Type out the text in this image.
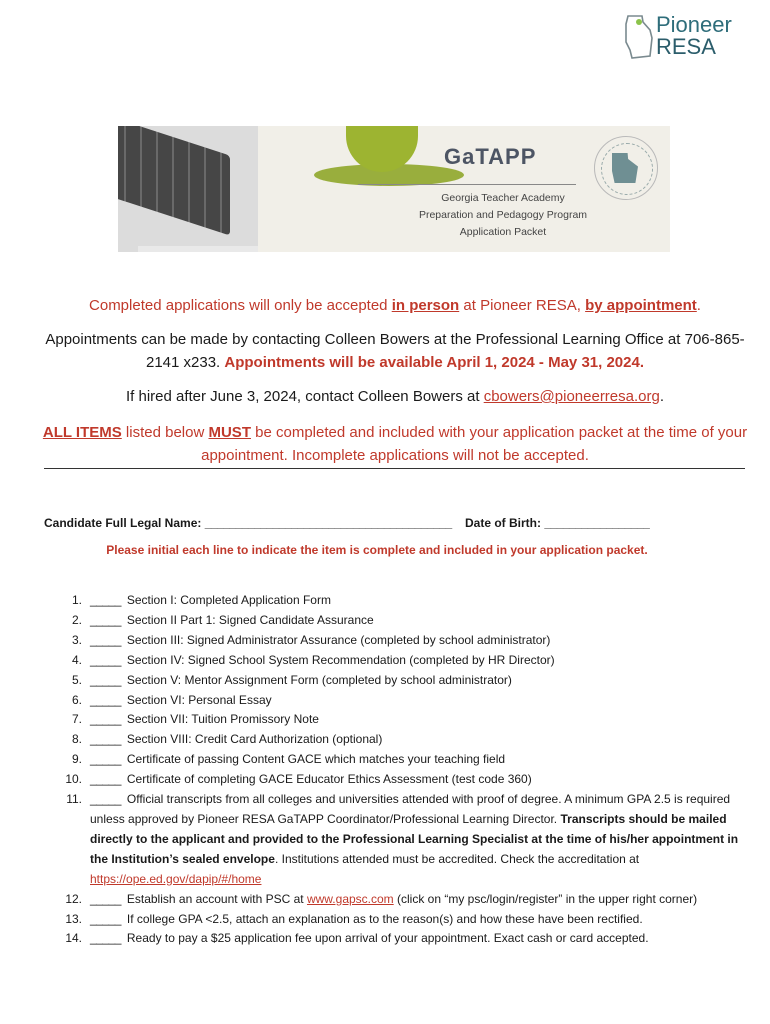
Pioneer
RESA
GaTAPP
Georgia Teacher Academy
Preparation and Pedagogy Program
Application Packet
Completed applications will only be accepted in person at Pioneer RESA, by appointment.
Appointments can be made by contacting Colleen Bowers at the Professional Learning Office at 706-865-2141 x233. Appointments will be available April 1, 2024 - May 31, 2024.
If hired after June 3, 2024, contact Colleen Bowers at cbowers@pioneerresa.org.
ALL ITEMS listed below MUST be completed and included with your application packet at the time of your appointment. Incomplete applications will not be accepted.
Candidate Full Legal Name: ________________________________________ Date of Birth: _________________
Please initial each line to indicate the item is complete and included in your application packet.
1. _____ Section I: Completed Application Form
2. _____ Section II Part 1: Signed Candidate Assurance
3. _____ Section III: Signed Administrator Assurance (completed by school administrator)
4. _____ Section IV: Signed School System Recommendation (completed by HR Director)
5. _____ Section V: Mentor Assignment Form (completed by school administrator)
6. _____ Section VI: Personal Essay
7. _____ Section VII: Tuition Promissory Note
8. _____ Section VIII: Credit Card Authorization (optional)
9. _____ Certificate of passing Content GACE which matches your teaching field
10. _____ Certificate of completing GACE Educator Ethics Assessment (test code 360)
11. _____ Official transcripts from all colleges and universities attended with proof of degree. A minimum GPA 2.5 is required unless approved by Pioneer RESA GaTAPP Coordinator/Professional Learning Director. Transcripts should be mailed directly to the applicant and provided to the Professional Learning Specialist at the time of his/her appointment in the Institution’s sealed envelope. Institutions attended must be accredited. Check the accreditation at https://ope.ed.gov/dapip/#/home
12. _____ Establish an account with PSC at www.gapsc.com (click on “my psc/login/register” in the upper right corner)
13. _____ If college GPA <2.5, attach an explanation as to the reason(s) and how these have been rectified.
14. _____ Ready to pay a $25 application fee upon arrival of your appointment. Exact cash or card accepted.
